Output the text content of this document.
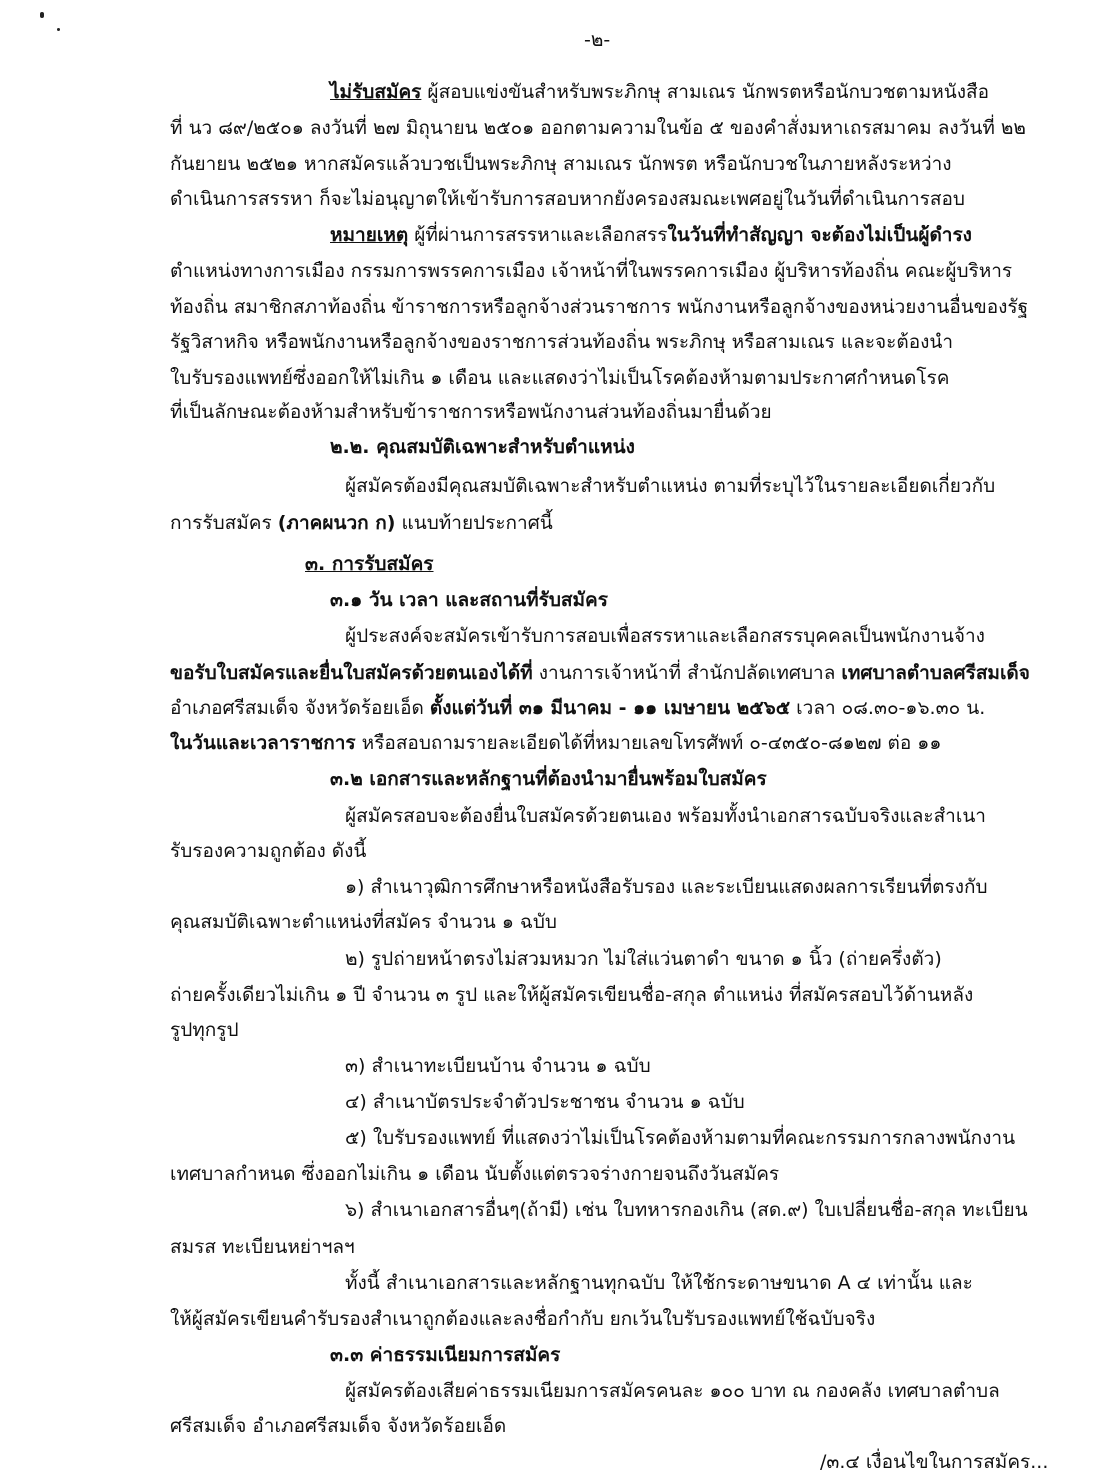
-๒-
ไม่รับสมัคร ผู้สอบแข่งขันสำหรับพระภิกษุ สามเณร นักพรตหรือนักบวชตามหนังสือ
ที่ นว ๘๙/๒๕๐๑ ลงวันที่ ๒๗ มิถุนายน ๒๕๐๑ ออกตามความในข้อ ๕ ของคำสั่งมหาเถรสมาคม ลงวันที่ ๒๒
กันยายน ๒๕๒๑ หากสมัครแล้วบวชเป็นพระภิกษุ สามเณร นักพรต หรือนักบวชในภายหลังระหว่าง
ดำเนินการสรรหา ก็จะไม่อนุญาตให้เข้ารับการสอบหากยังครองสมณะเพศอยู่ในวันที่ดำเนินการสอบ
หมายเหตุ ผู้ที่ผ่านการสรรหาและเลือกสรรในวันที่ทำสัญญา จะต้องไม่เป็นผู้ดำรง
ตำแหน่งทางการเมือง กรรมการพรรคการเมือง เจ้าหน้าที่ในพรรคการเมือง ผู้บริหารท้องถิ่น คณะผู้บริหาร
ท้องถิ่น สมาชิกสภาท้องถิ่น ข้าราชการหรือลูกจ้างส่วนราชการ พนักงานหรือลูกจ้างของหน่วยงานอื่นของรัฐ
รัฐวิสาหกิจ หรือพนักงานหรือลูกจ้างของราชการส่วนท้องถิ่น พระภิกษุ หรือสามเณร และจะต้องนำ
ใบรับรองแพทย์ซึ่งออกให้ไม่เกิน ๑ เดือน และแสดงว่าไม่เป็นโรคต้องห้ามตามประกาศกำหนดโรค
ที่เป็นลักษณะต้องห้ามสำหรับข้าราชการหรือพนักงานส่วนท้องถิ่นมายื่นด้วย
๒.๒. คุณสมบัติเฉพาะสำหรับตำแหน่ง
ผู้สมัครต้องมีคุณสมบัติเฉพาะสำหรับตำแหน่ง ตามที่ระบุไว้ในรายละเอียดเกี่ยวกับ
การรับสมัคร (ภาคผนวก ก) แนบท้ายประกาศนี้
๓. การรับสมัคร
๓.๑ วัน เวลา และสถานที่รับสมัคร
ผู้ประสงค์จะสมัครเข้ารับการสอบเพื่อสรรหาและเลือกสรรบุคคลเป็นพนักงานจ้าง
ขอรับใบสมัครและยื่นใบสมัครด้วยตนเองได้ที่ งานการเจ้าหน้าที่ สำนักปลัดเทศบาล เทศบาลตำบลศรีสมเด็จ
อำเภอศรีสมเด็จ จังหวัดร้อยเอ็ด ตั้งแต่วันที่ ๓๑ มีนาคม - ๑๑ เมษายน ๒๕๖๕ เวลา ๐๘.๓๐-๑๖.๓๐ น.
ในวันและเวลาราชการ หรือสอบถามรายละเอียดได้ที่หมายเลขโทรศัพท์ ๐-๔๓๕๐-๘๑๒๗ ต่อ ๑๑
๓.๒ เอกสารและหลักฐานที่ต้องนำมายื่นพร้อมใบสมัคร
ผู้สมัครสอบจะต้องยื่นใบสมัครด้วยตนเอง พร้อมทั้งนำเอกสารฉบับจริงและสำเนา
รับรองความถูกต้อง ดังนี้
๑) สำเนาวุฒิการศึกษาหรือหนังสือรับรอง และระเบียนแสดงผลการเรียนที่ตรงกับ
คุณสมบัติเฉพาะตำแหน่งที่สมัคร จำนวน ๑ ฉบับ
๒) รูปถ่ายหน้าตรงไม่สวมหมวก ไม่ใส่แว่นตาดำ ขนาด ๑ นิ้ว (ถ่ายครึ่งตัว)
ถ่ายครั้งเดียวไม่เกิน ๑ ปี จำนวน ๓ รูป และให้ผู้สมัครเขียนชื่อ-สกุล ตำแหน่ง ที่สมัครสอบไว้ด้านหลัง
รูปทุกรูป
๓) สำเนาทะเบียนบ้าน จำนวน ๑ ฉบับ
๔) สำเนาบัตรประจำตัวประชาชน จำนวน ๑ ฉบับ
๕) ใบรับรองแพทย์ ที่แสดงว่าไม่เป็นโรคต้องห้ามตามที่คณะกรรมการกลางพนักงาน
เทศบาลกำหนด ซึ่งออกไม่เกิน ๑ เดือน นับตั้งแต่ตรวจร่างกายจนถึงวันสมัคร
๖) สำเนาเอกสารอื่นๆ(ถ้ามี) เช่น ใบทหารกองเกิน (สด.๙) ใบเปลี่ยนชื่อ-สกุล ทะเบียน
สมรส ทะเบียนหย่าฯลฯ
ทั้งนี้ สำเนาเอกสารและหลักฐานทุกฉบับ ให้ใช้กระดาษขนาด A ๔ เท่านั้น และ
ให้ผู้สมัครเขียนคำรับรองสำเนาถูกต้องและลงชื่อกำกับ ยกเว้นใบรับรองแพทย์ใช้ฉบับจริง
๓.๓ ค่าธรรมเนียมการสมัคร
ผู้สมัครต้องเสียค่าธรรมเนียมการสมัครคนละ ๑๐๐ บาท ณ กองคลัง เทศบาลตำบล
ศรีสมเด็จ อำเภอศรีสมเด็จ จังหวัดร้อยเอ็ด
/๓.๔ เงื่อนไขในการสมัคร...
